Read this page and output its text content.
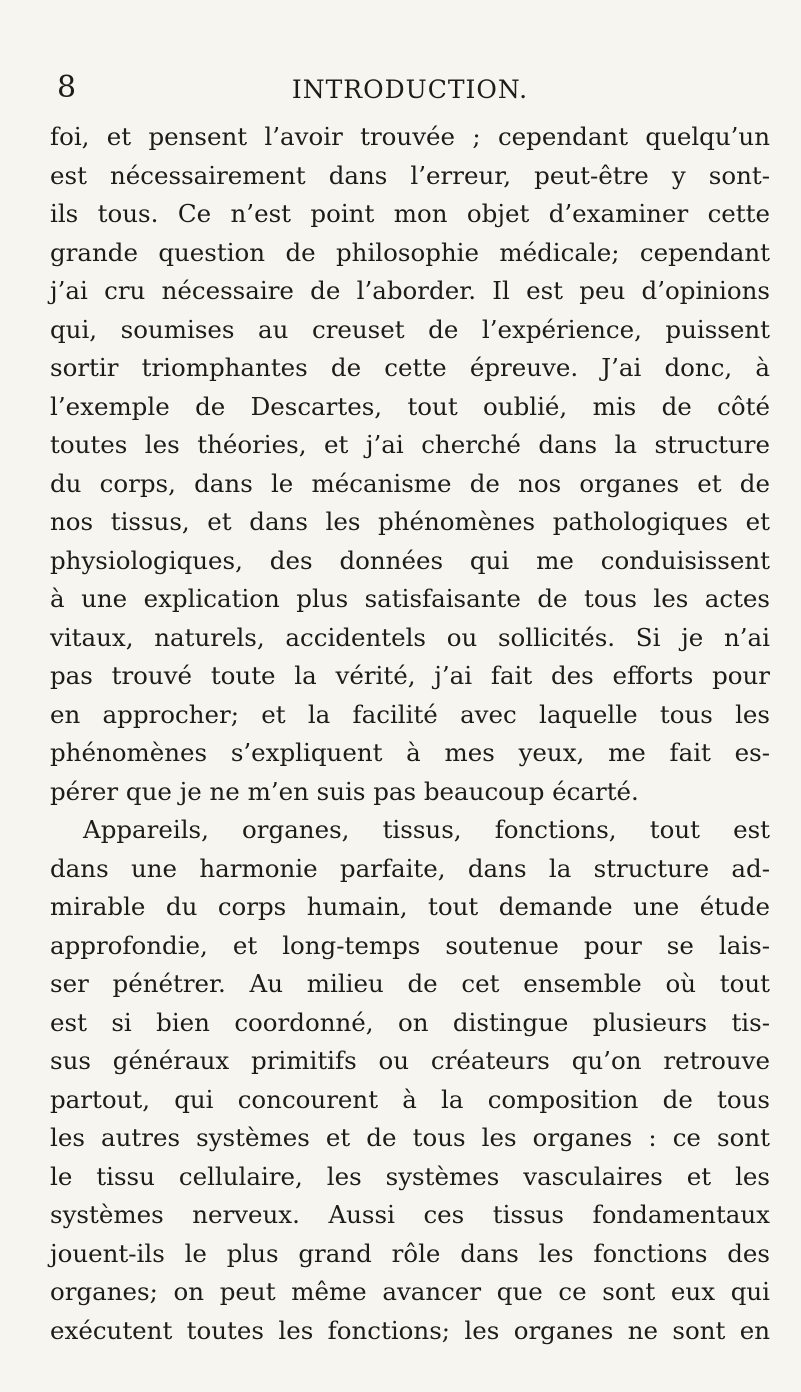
8	INTRODUCTION.
foi, et pensent l’avoir trouvée ; cependant quelqu’un
est nécessairement dans l’erreur, peut-être y sont-
ils tous. Ce n’est point mon objet d’examiner cette
grande question de philosophie médicale; cependant
j’ai cru nécessaire de l’aborder. Il est peu d’opinions
qui, soumises au creuset de l’expérience, puissent
sortir triomphantes de cette épreuve. J’ai donc, à
l’exemple de Descartes, tout oublié, mis de côté
toutes les théories, et j’ai cherché dans la structure
du corps, dans le mécanisme de nos organes et de
nos tissus, et dans les phénomènes pathologiques et
physiologiques, des données qui me conduisissent
à une explication plus satisfaisante de tous les actes
vitaux, naturels, accidentels ou sollicités. Si je n’ai
pas trouvé toute la vérité, j’ai fait des efforts pour
en approcher; et la facilité avec laquelle tous les
phénomènes s’expliquent à mes yeux, me fait es-
pérer que je ne m’en suis pas beaucoup écarté.
Appareils, organes, tissus, fonctions, tout est
dans une harmonie parfaite, dans la structure ad-
mirable du corps humain, tout demande une étude
approfondie, et long-temps soutenue pour se lais-
ser pénétrer. Au milieu de cet ensemble où tout
est si bien coordonné, on distingue plusieurs tis-
sus généraux primitifs ou créateurs qu’on retrouve
partout, qui concourent à la composition de tous
les autres systèmes et de tous les organes : ce sont
le tissu cellulaire, les systèmes vasculaires et les
systèmes nerveux. Aussi ces tissus fondamentaux
jouent-ils le plus grand rôle dans les fonctions des
organes; on peut même avancer que ce sont eux qui
exécutent toutes les fonctions; les organes ne sont en
